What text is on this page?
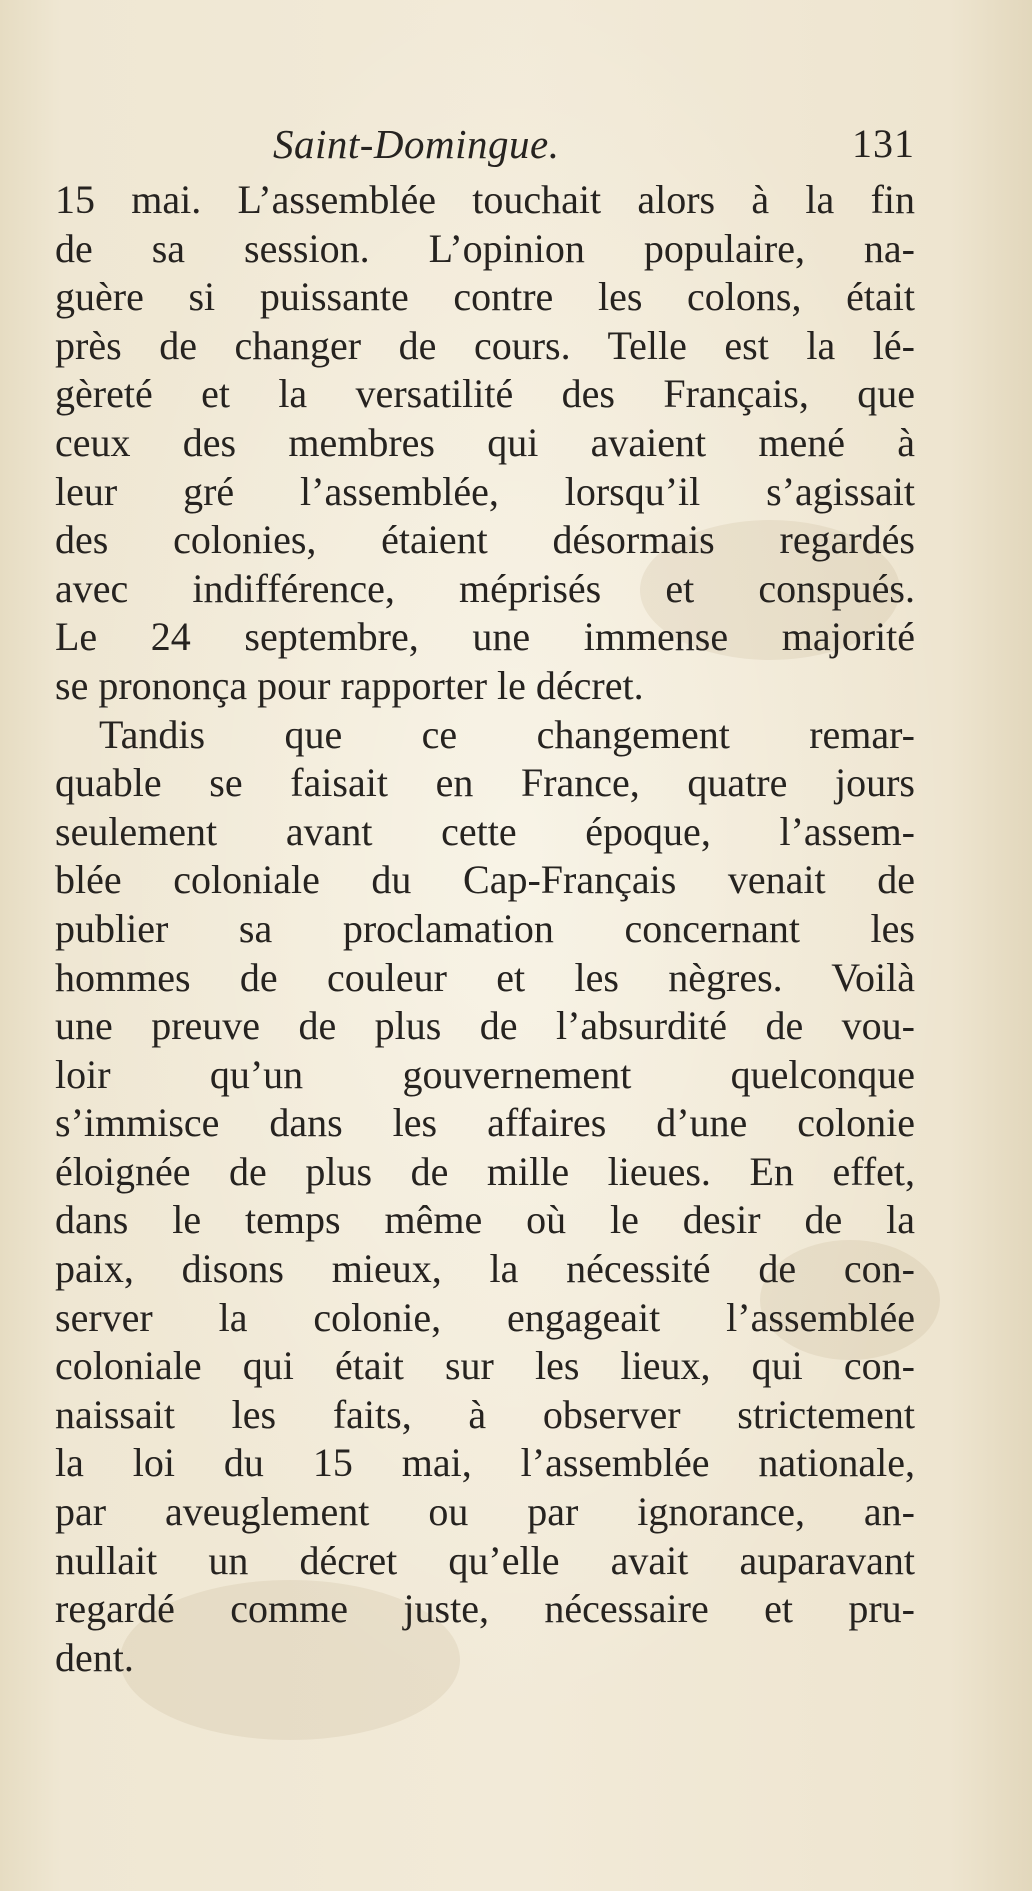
Saint-Domingue.	131
15 mai. L’assemblée touchait alors à la fin
de sa session. L’opinion populaire, na-
guère si puissante contre les colons, était
près de changer de cours. Telle est la lé-
gèreté et la versatilité des Français, que
ceux des membres qui avaient mené à
leur gré l’assemblée, lorsqu’il s’agissait
des colonies, étaient désormais regardés
avec indifférence, méprisés et conspués.
Le 24 septembre, une immense majorité
se prononça pour rapporter le décret.
Tandis que ce changement remar-
quable se faisait en France, quatre jours
seulement avant cette époque, l’assem-
blée coloniale du Cap-Français venait de
publier sa proclamation concernant les
hommes de couleur et les nègres. Voilà
une preuve de plus de l’absurdité de vou-
loir qu’un gouvernement quelconque
s’immisce dans les affaires d’une colonie
éloignée de plus de mille lieues. En effet,
dans le temps même où le desir de la
paix, disons mieux, la nécessité de con-
server la colonie, engageait l’assemblée
coloniale qui était sur les lieux, qui con-
naissait les faits, à observer strictement
la loi du 15 mai, l’assemblée nationale,
par aveuglement ou par ignorance, an-
nullait un décret qu’elle avait auparavant
regardé comme juste, nécessaire et pru-
dent.
